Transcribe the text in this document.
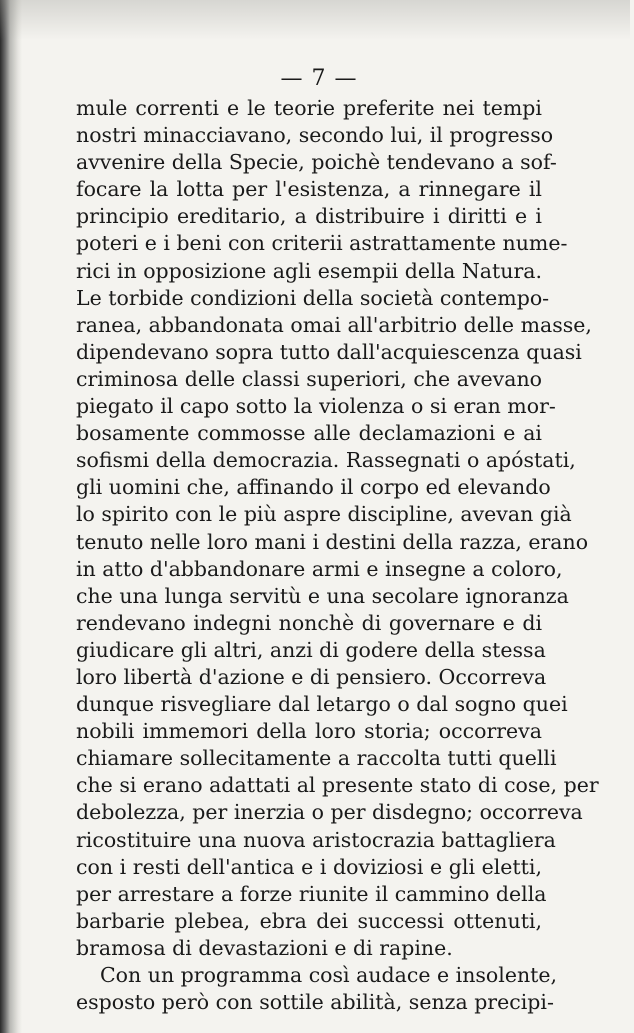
— 7 —
mule correnti e le teorie preferite nei tempi
nostri minacciavano, secondo lui, il progresso
avvenire della Specie, poichè tendevano a sof-
focare la lotta per l'esistenza, a rinnegare il
principio ereditario, a distribuire i diritti e i
poteri e i beni con criterii astrattamente nume-
rici in opposizione agli esempii della Natura.
Le torbide condizioni della società contempo-
ranea, abbandonata omai all'arbitrio delle masse,
dipendevano sopra tutto dall'acquiescenza quasi
criminosa delle classi superiori, che avevano
piegato il capo sotto la violenza o si eran mor-
bosamente commosse alle declamazioni e ai
sofismi della democrazia. Rassegnati o apóstati,
gli uomini che, affinando il corpo ed elevando
lo spirito con le più aspre discipline, avevan già
tenuto nelle loro mani i destini della razza, erano
in atto d'abbandonare armi e insegne a coloro,
che una lunga servitù e una secolare ignoranza
rendevano indegni nonchè di governare e di
giudicare gli altri, anzi di godere della stessa
loro libertà d'azione e di pensiero. Occorreva
dunque risvegliare dal letargo o dal sogno quei
nobili immemori della loro storia; occorreva
chiamare sollecitamente a raccolta tutti quelli
che si erano adattati al presente stato di cose, per
debolezza, per inerzia o per disdegno; occorreva
ricostituire una nuova aristocrazia battagliera
con i resti dell'antica e i doviziosi e gli eletti,
per arrestare a forze riunite il cammino della
barbarie plebea, ebra dei successi ottenuti,
bramosa di devastazioni e di rapine.
Con un programma così audace e insolente,
esposto però con sottile abilità, senza precipi-
